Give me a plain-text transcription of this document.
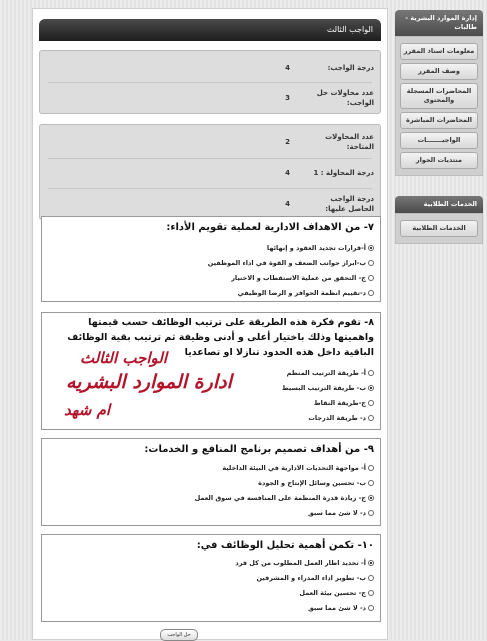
الواجب الثالث
درجة الواجب:
4
عدد محاولات حل الواجب:
3
عدد المحاولات المتاحة:
2
درجة المحاولة : 1
4
درجة الواجب الحاصل عليها:
4
٧- من الاهداف الادارية لعملية تقويم الأداء:
أ-قرارات تجديد العقود و إنهائها
ب-ابراز جوانب الضعف و القوة في اداء الموظفين
ج- التحقق من عملية الاستقطاب و الاختيار
د-تقييم انظمة الحوافز و الرضا الوظيفي
٨- تقوم فكرة هذه الطريقة على ترتيب الوظائف حسب قيمتها واهميتها وذلك باختيار أعلى و أدنى وظيفة ثم ترتيب بقية الوظائف الباقية داخل هذه الحدود تنازلا او تصاعديا
أ- طريقة الترتيب المنظم
ب- طريقة الترتيب البسيط
ج-طريقة النقاط
د- طريقة الدرجات
الواجب الثالث
ادارة الموارد البشريه
ام شهد
٩- من أهداف تصميم برنامج المنافع و الخدمات:
أ- مواجهة التحديات الادارية في البيئة الداخلية
ب- تحسين وسائل الإنتاج و الجودة
ج- زيادة قدرة المنظمة على المنافسه في سوق العمل
د- لا شئ مما سبق
١٠- تكمن أهمية تحليل الوظائف في:
أ- تحديد اطار العمل المطلوب من كل فرد
ب- تطوير اداء المدراء و المشرفين
ج- تحسين بيئة العمل
د- لا شئ مما سبق
حل الواجب
إدارة الموارد البشرية - طالبات
معلومات استاذ المقرر
وصف المقرر
المحاضرات المسجلة والمحتوى
المحاضرات المباشرة
الواجبـــــــات
منتديات الحوار
الخدمات الطلابية
الخدمات الطلابية
